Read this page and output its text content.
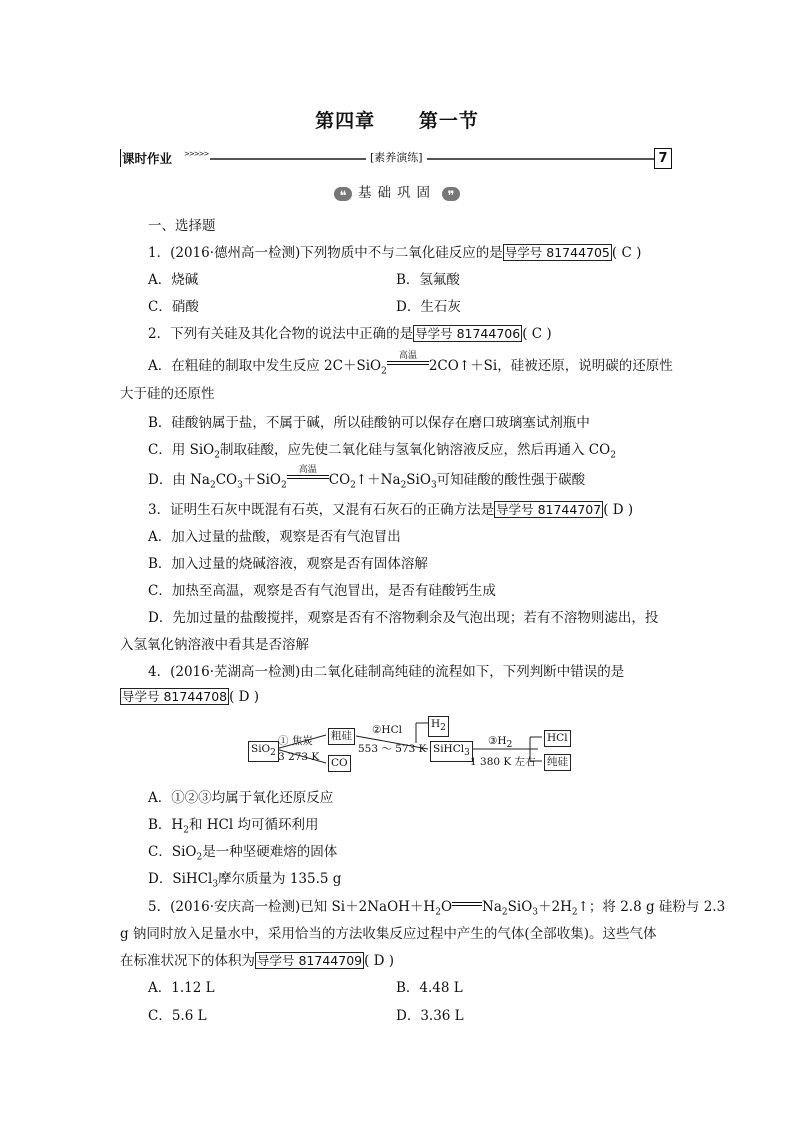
第四章 第一节
课时作业 >>>>>	[素养演练]	7
❝ 基础巩固 ❞
一、选择题
1．(2016·德州高一检测)下列物质中不与二氧化硅反应的是 导学号 81744705 ( C )
A．烧碱	B．氢氟酸
C．硝酸	D．生石灰
2．下列有关硅及其化合物的说法中正确的是 导学号 81744706 ( C )
A．在粗硅的制取中发生反应 2C＋SiO$_2$
高温
2CO↑＋Si，硅被还原，说明碳的还原性
大于硅的还原性
B．硅酸钠属于盐，不属于碱，所以硅酸钠可以保存在磨口玻璃塞试剂瓶中
C．用 SiO$_2$制取硅酸，应先使二氧化硅与氢氧化钠溶液反应，然后再通入 $CO_2$
D．由 $Na_2CO_3+SiO_2$
高温
$CO_2↑+Na_2SiO_3$可知硅酸的酸性强于碳酸
3．证明生石灰中既混有石英，又混有石灰石的正确方法是 导学号 81744707 ( D )
A．加入过量的盐酸，观察是否有气泡冒出
B．加入过量的烧碱溶液，观察是否有固体溶解
C．加热至高温，观察是否有气泡冒出，是否有硅酸钙生成
D．先加过量的盐酸搅拌，观察是否有不溶物剩余及气泡出现；若有不溶物则滤出，投
入氢氧化钠溶液中看其是否溶解
4．(2016·芜湖高一检测)由二氧化硅制高纯硅的流程如下，下列判断中错误的是
导学号 81744708 ( D )
SiO$_2$
① 焦炭
3 273 K
粗硅
CO
②HCl
553 ～ 573 K
$H_2$
SiHCl$_3$
$③H_2$
1 380 K 左右
HCl
纯硅
A．①②③均属于氧化还原反应
B．$H_2$和 HCl 均可循环利用
C．SiO$_2$是一种坚硬难熔的固体
D．SiHCl$_3$摩尔质量为 135.5 g
5．(2016·安庆高一检测)已知 $Si+2NaOH+H_2O$ $Na_2SiO_3+2H_2↑$；将 2.8 g 硅粉与 2.3
g 钠同时放入足量水中，采用恰当的方法收集反应过程中产生的气体(全部收集)。这些气体
在标准状况下的体积为 导学号 81744709 ( D )
A．1.12 L	B．4.48 L
C．5.6 L	D．3.36 L
